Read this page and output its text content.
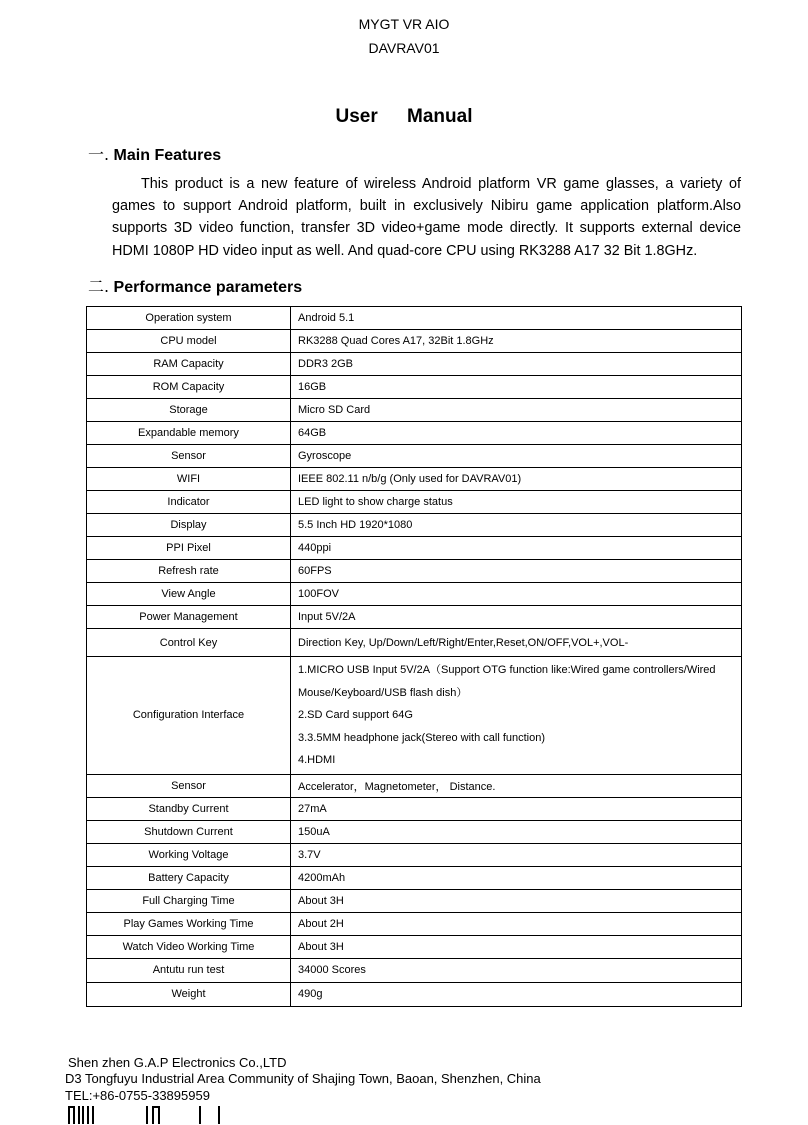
MYGT VR AIO
DAVRAV01
User Manual
一. Main Features
This product is a new feature of wireless Android platform VR game glasses, a variety of games to support Android platform, built in exclusively Nibiru game application platform.Also supports 3D video function, transfer 3D video+game mode directly. It supports external device HDMI 1080P HD video input as well. And quad-core CPU using RK3288 A17 32 Bit 1.8GHz.
二. Performance parameters
Operation system	Android 5.1
CPU model	RK3288 Quad Cores A17, 32Bit 1.8GHz
RAM Capacity	DDR3 2GB
ROM Capacity	16GB
Storage	Micro SD Card
Expandable memory	64GB
Sensor	Gyroscope
WIFI	IEEE 802.11 n/b/g (Only used for DAVRAV01)
Indicator	LED light to show charge status
Display	5.5 Inch HD 1920*1080
PPI Pixel	440ppi
Refresh rate	60FPS
View Angle	100FOV
Power Management	Input 5V/2A
Control Key	Direction Key, Up/Down/Left/Right/Enter,Reset,ON/OFF,VOL+,VOL-
Configuration Interface	1.MICRO USB Input 5V/2A（Support OTG function like:Wired game controllers/Wired
Mouse/Keyboard/USB flash dish）
2.SD Card support 64G
3.3.5MM headphone jack(Stereo with call function)
4.HDMI

Sensor	Accelerator，Magnetometer， Distance.
Standby Current	27mA
Shutdown Current	150uA
Working Voltage	3.7V
Battery Capacity	4200mAh
Full Charging Time	About 3H
Play Games Working Time	About 2H
Watch Video Working Time	About 3H
Antutu run test	34000 Scores
Weight	490g
Shen zhen G.A.P Electronics Co.,LTD
D3 Tongfuyu Industrial Area Community of Shajing Town, Baoan, Shenzhen, China
TEL:+86-0755-33895959
